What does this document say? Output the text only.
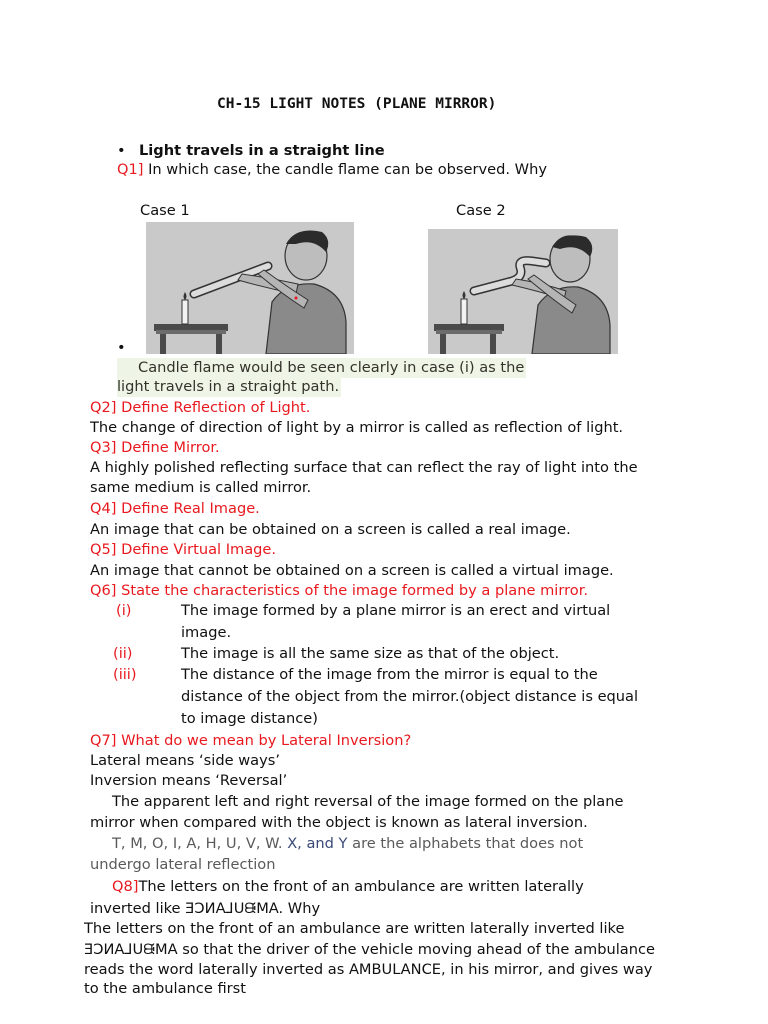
CH-15 LIGHT NOTES (PLANE MIRROR)
• Light travels in a straight line
Q1] In which case, the candle flame can be observed. Why
Case 1	Case 2
•
Candle flame would be seen clearly in case (i) as the
light travels in a straight path.
Q2] Define Reflection of Light.
The change of direction of light by a mirror is called as reflection of light.
Q3] Define Mirror.
A highly polished reflecting surface that can reflect the ray of light into the
same medium is called mirror.
Q4] Define Real Image.
An image that can be obtained on a screen is called a real image.
Q5] Define Virtual Image.
An image that cannot be obtained on a screen is called a virtual image.
Q6] State the characteristics of the image formed by a plane mirror.
(i)	The image formed by a plane mirror is an erect and virtual
image.
(ii)	The image is all the same size as that of the object.
(iii)	The distance of the image from the mirror is equal to the
distance of the object from the mirror.(object distance is equal
to image distance)
Q7] What do we mean by Lateral Inversion?
Lateral means ‘side ways’
Inversion means ‘Reversal’
The apparent left and right reversal of the image formed on the plane
mirror when compared with the object is known as lateral inversion.
T, M, O, I, A, H, U, V, W. X, and Y are the alphabets that does not
undergo lateral reflection
Q8]The letters on the front of an ambulance are written laterally
inverted like ƎƆИA⅃UᙠMA. Why
The letters on the front of an ambulance are written laterally inverted like
ƎƆИA⅃UᙠMA so that the driver of the vehicle moving ahead of the ambulance
reads the word laterally inverted as AMBULANCE, in his mirror, and gives way
to the ambulance first
